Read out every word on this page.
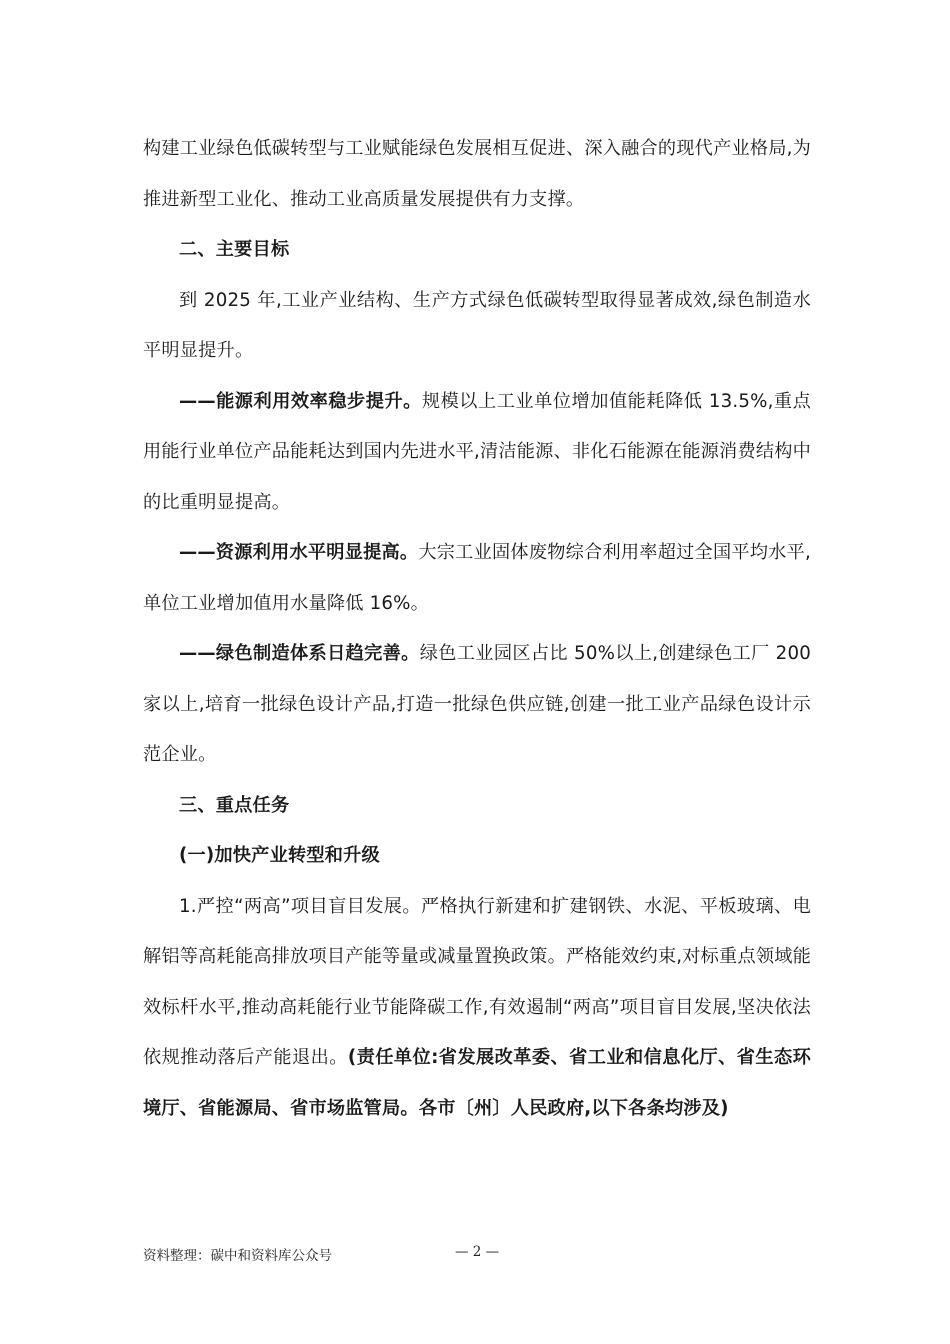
构建工业绿色低碳转型与工业赋能绿色发展相互促进、深入融合的现代产业格局,为推进新型工业化、推动工业高质量发展提供有力支撑。

二、主要目标

到 2025 年,工业产业结构、生产方式绿色低碳转型取得显著成效,绿色制造水平明显提升。

——能源利用效率稳步提升。规模以上工业单位增加值能耗降低 13.5%,重点用能行业单位产品能耗达到国内先进水平,清洁能源、非化石能源在能源消费结构中的比重明显提高。

——资源利用水平明显提高。大宗工业固体废物综合利用率超过全国平均水平,单位工业增加值用水量降低 16%。

——绿色制造体系日趋完善。绿色工业园区占比 50%以上,创建绿色工厂 200 家以上,培育一批绿色设计产品,打造一批绿色供应链,创建一批工业产品绿色设计示范企业。

三、重点任务

(一)加快产业转型和升级

1.严控“两高”项目盲目发展。严格执行新建和扩建钢铁、水泥、平板玻璃、电解铝等高耗能高排放项目产能等量或减量置换政策。严格能效约束,对标重点领域能效标杆水平,推动高耗能行业节能降碳工作,有效遏制“两高”项目盲目发展,坚决依法依规推动落后产能退出。(责任单位:省发展改革委、省工业和信息化厅、省生态环境厅、省能源局、省市场监管局。各市〔州〕人民政府,以下各条均涉及)

资料整理：碳中和资料库公众号	— 2 —
